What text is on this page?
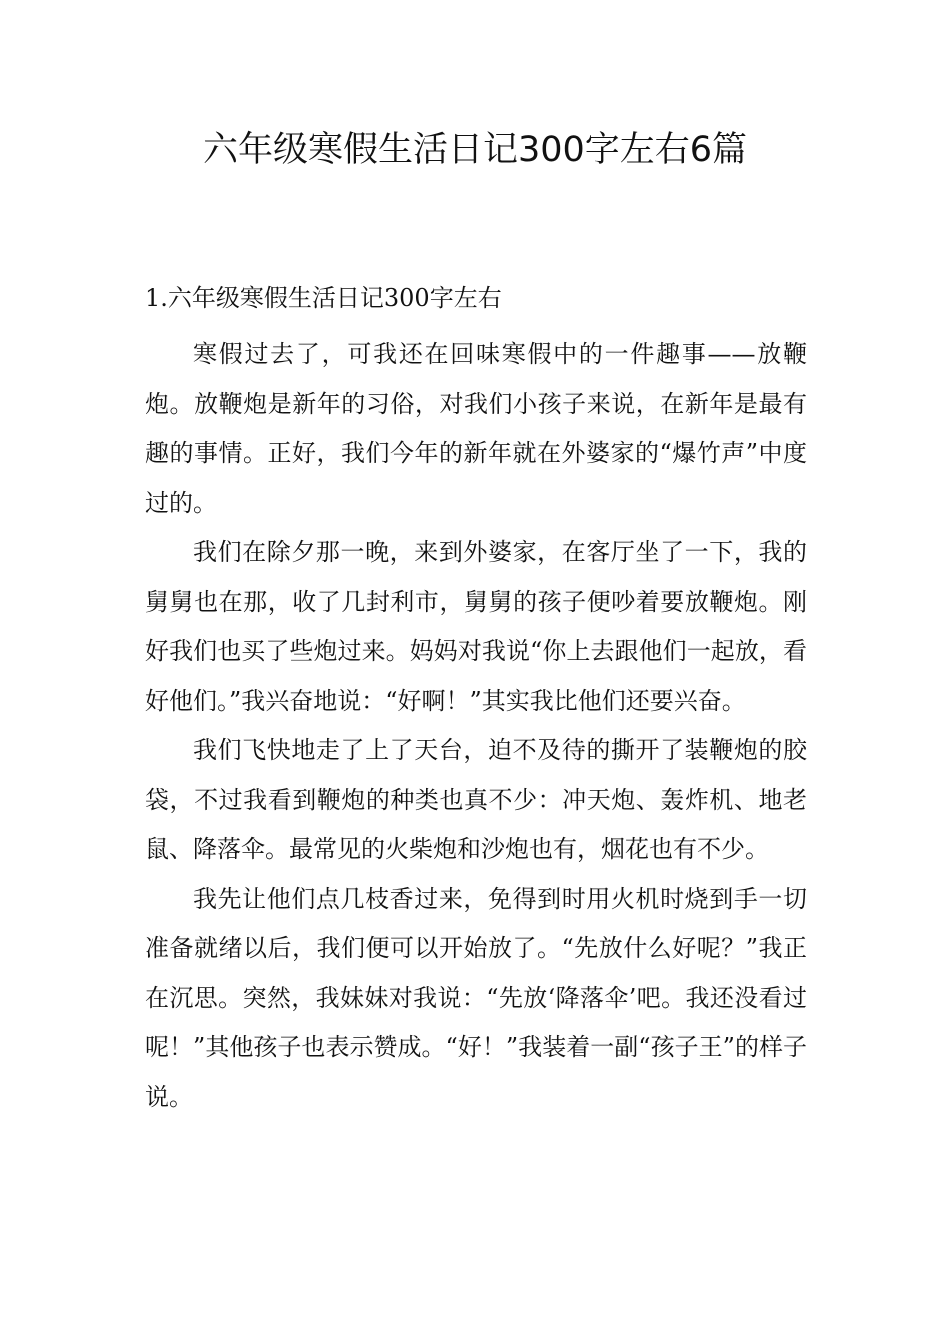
六年级寒假生活日记300字左右6篇
1.六年级寒假生活日记300字左右

寒假过去了，可我还在回味寒假中的一件趣事——放鞭炮。放鞭炮是新年的习俗，对我们小孩子来说，在新年是最有趣的事情。正好，我们今年的新年就在外婆家的“爆竹声”中度过的。

我们在除夕那一晚，来到外婆家，在客厅坐了一下，我的舅舅也在那，收了几封利市，舅舅的孩子便吵着要放鞭炮。刚好我们也买了些炮过来。妈妈对我说“你上去跟他们一起放，看好他们。”我兴奋地说：“好啊！”其实我比他们还要兴奋。

我们飞快地走了上了天台，迫不及待的撕开了装鞭炮的胶袋，不过我看到鞭炮的种类也真不少：冲天炮、轰炸机、地老鼠、降落伞。最常见的火柴炮和沙炮也有，烟花也有不少。

我先让他们点几枝香过来，免得到时用火机时烧到手一切准备就绪以后，我们便可以开始放了。“先放什么好呢？”我正在沉思。突然，我妹妹对我说：“先放‘降落伞’吧。我还没看过呢！”其他孩子也表示赞成。“好！”我装着一副“孩子王”的样子说。
